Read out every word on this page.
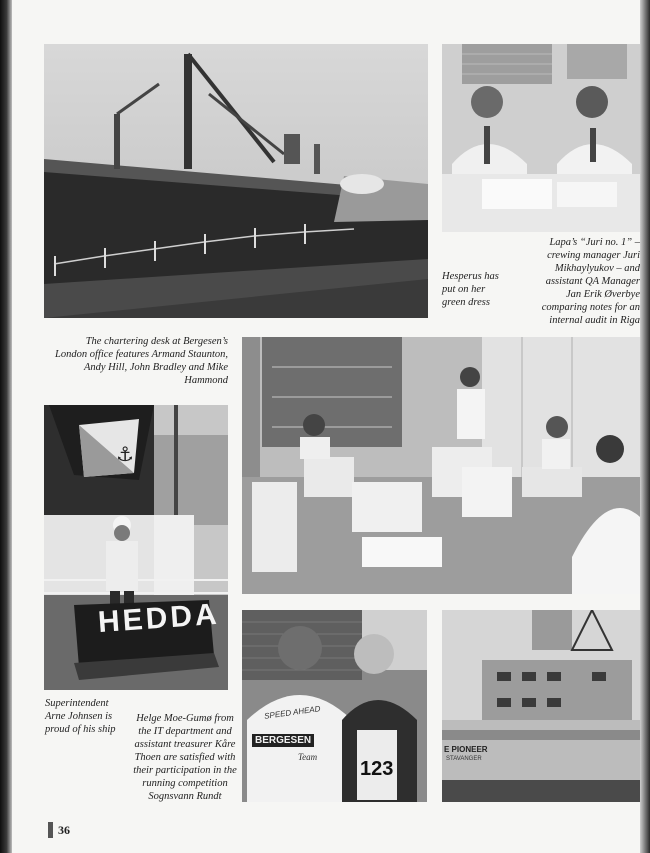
⚓
HEDDA
SPEED AHEAD
BERGESEN
Team
123
E PIONEER
STAVANGER
Lapa’s “Juri no. 1” – crewing manager Juri Mikhaylyukov – and assistant QA Manager Jan Erik Øverbye comparing notes for an internal audit in Riga
Hesperus has put on her green dress
The chartering desk at Bergesen’s London office features Armand Staunton, Andy Hill, John Bradley and Mike Hammond
Superintendent Arne Johnsen is proud of his ship
Helge Moe-Gumø from the IT department and assistant treasurer Kåre Thoen are satisfied with their participation in the running competition Sognsvann Rundt
36
